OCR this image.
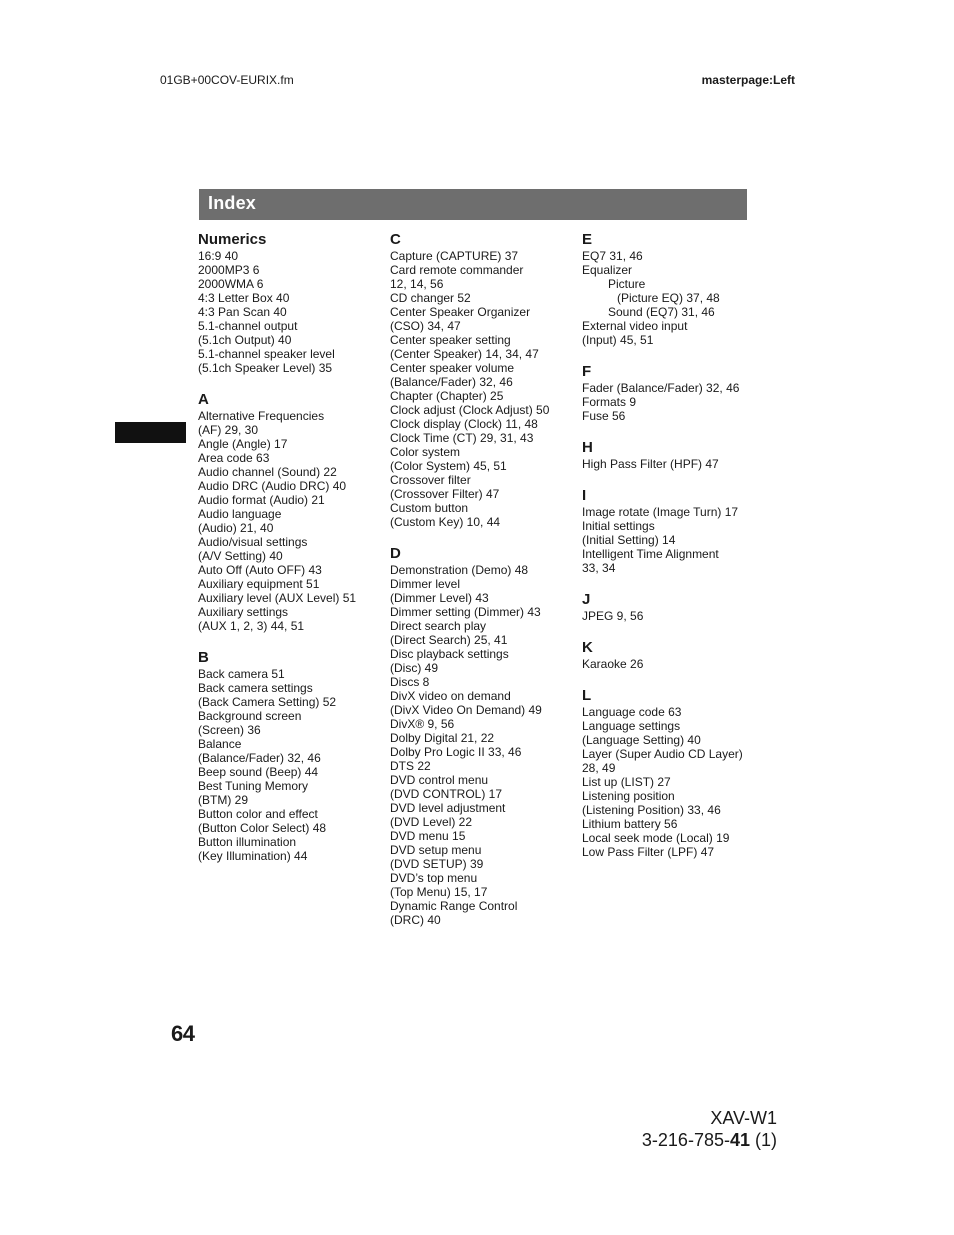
01GB+00COV-EURIX.fm	masterpage:Left
Index
Numerics
16:9 40
2000MP3 6
2000WMA 6
4:3 Letter Box 40
4:3 Pan Scan 40
5.1-channel output
(5.1ch Output) 40
5.1-channel speaker level
(5.1ch Speaker Level) 35
A
Alternative Frequencies
(AF) 29, 30
Angle (Angle) 17
Area code 63
Audio channel (Sound) 22
Audio DRC (Audio DRC) 40
Audio format (Audio) 21
Audio language
(Audio) 21, 40
Audio/visual settings
(A/V Setting) 40
Auto Off (Auto OFF) 43
Auxiliary equipment 51
Auxiliary level (AUX Level) 51
Auxiliary settings
(AUX 1, 2, 3) 44, 51
B
Back camera 51
Back camera settings
(Back Camera Setting) 52
Background screen
(Screen) 36
Balance
(Balance/Fader) 32, 46
Beep sound (Beep) 44
Best Tuning Memory
(BTM) 29
Button color and effect
(Button Color Select) 48
Button illumination
(Key Illumination) 44
C
Capture (CAPTURE) 37
Card remote commander
12, 14, 56
CD changer 52
Center Speaker Organizer
(CSO) 34, 47
Center speaker setting
(Center Speaker) 14, 34, 47
Center speaker volume
(Balance/Fader) 32, 46
Chapter (Chapter) 25
Clock adjust (Clock Adjust) 50
Clock display (Clock) 11, 48
Clock Time (CT) 29, 31, 43
Color system
(Color System) 45, 51
Crossover filter
(Crossover Filter) 47
Custom button
(Custom Key) 10, 44
D
Demonstration (Demo) 48
Dimmer level
(Dimmer Level) 43
Dimmer setting (Dimmer) 43
Direct search play
(Direct Search) 25, 41
Disc playback settings
(Disc) 49
Discs 8
DivX video on demand
(DivX Video On Demand) 49
DivX® 9, 56
Dolby Digital 21, 22
Dolby Pro Logic II 33, 46
DTS 22
DVD control menu
(DVD CONTROL) 17
DVD level adjustment
(DVD Level) 22
DVD menu 15
DVD setup menu
(DVD SETUP) 39
DVD’s top menu
(Top Menu) 15, 17
Dynamic Range Control
(DRC) 40
E
EQ7 31, 46
Equalizer
Picture
(Picture EQ) 37, 48
Sound (EQ7) 31, 46
External video input
(Input) 45, 51
F
Fader (Balance/Fader) 32, 46
Formats 9
Fuse 56
H
High Pass Filter (HPF) 47
I
Image rotate (Image Turn) 17
Initial settings
(Initial Setting) 14
Intelligent Time Alignment
33, 34
J
JPEG 9, 56
K
Karaoke 26
L
Language code 63
Language settings
(Language Setting) 40
Layer (Super Audio CD Layer)
28, 49
List up (LIST) 27
Listening position
(Listening Position) 33, 46
Lithium battery 56
Local seek mode (Local) 19
Low Pass Filter (LPF) 47
64
XAV-W1
3-216-785-41 (1)
